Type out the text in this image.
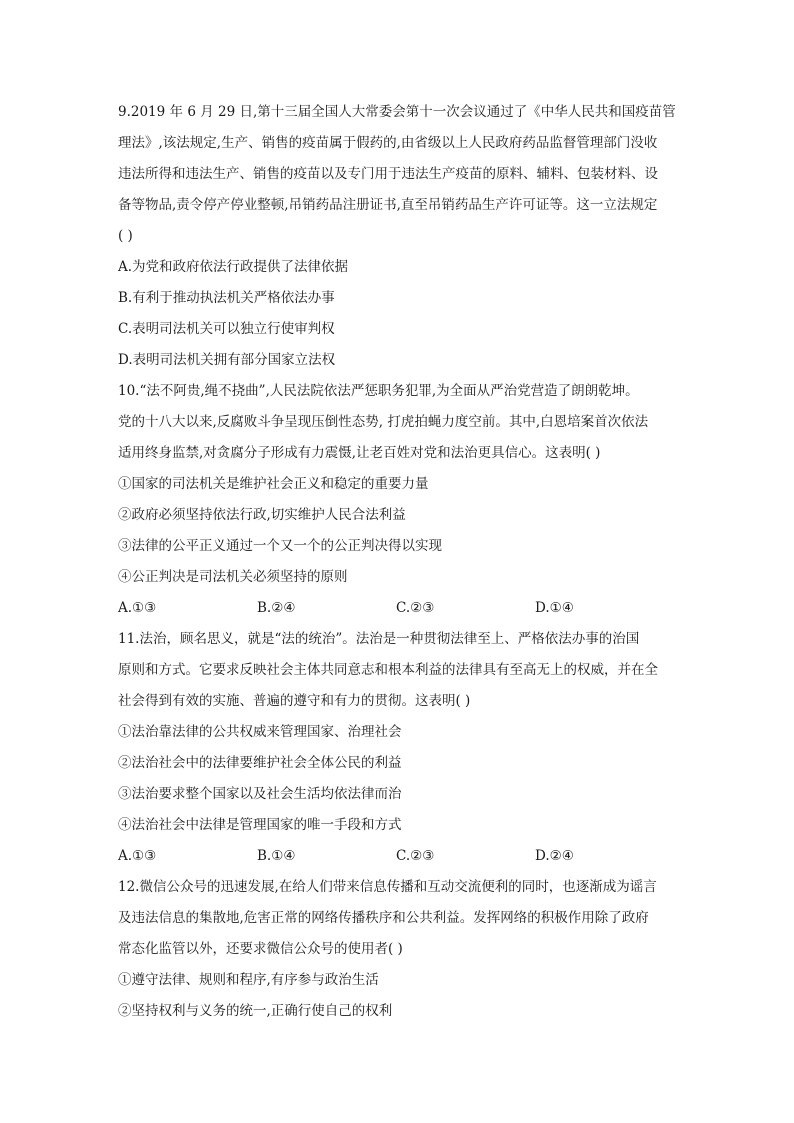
9.2019 年 6 月 29 日,第十三届全国人大常委会第十一次会议通过了《中华人民共和国疫苗管
理法》,该法规定,生产、销售的疫苗属于假药的,由省级以上人民政府药品监督管理部门没收
违法所得和违法生产、销售的疫苗以及专门用于违法生产疫苗的原料、辅料、包装材料、设
备等物品,责令停产停业整顿,吊销药品注册证书,直至吊销药品生产许可证等。这一立法规定
( )
A.为党和政府依法行政提供了法律依据
B.有利于推动执法机关严格依法办事
C.表明司法机关可以独立行使审判权
D.表明司法机关拥有部分国家立法权
10.“法不阿贵,绳不挠曲”,人民法院依法严惩职务犯罪,为全面从严治党营造了朗朗乾坤。
党的十八大以来,反腐败斗争呈现压倒性态势, 打虎拍蝇力度空前。其中,白恩培案首次依法
适用终身监禁,对贪腐分子形成有力震慑,让老百姓对党和法治更具信心。这表明( )
①国家的司法机关是维护社会正义和稳定的重要力量
②政府必须坚持依法行政,切实维护人民合法利益
③法律的公平正义通过一个又一个的公正判决得以实现
④公正判决是司法机关必须坚持的原则
A.①③	B.②④	C.②③	D.①④
11.法治，顾名思义，就是“法的统治”。法治是一种贯彻法律至上、严格依法办事的治国
原则和方式。它要求反映社会主体共同意志和根本利益的法律具有至高无上的权威，并在全
社会得到有效的实施、普遍的遵守和有力的贯彻。这表明( )
①法治靠法律的公共权威来管理国家、治理社会
②法治社会中的法律要维护社会全体公民的利益
③法治要求整个国家以及社会生活均依法律而治
④法治社会中法律是管理国家的唯一手段和方式
A.①③	B.①④	C.②③	D.②④
12.微信公众号的迅速发展,在给人们带来信息传播和互动交流便利的同时，也逐渐成为谣言
及违法信息的集散地,危害正常的网络传播秩序和公共利益。发挥网络的积极作用除了政府
常态化监管以外，还要求微信公众号的使用者( )
①遵守法律、规则和程序,有序参与政治生活
②坚持权利与义务的统一,正确行使自己的权利
